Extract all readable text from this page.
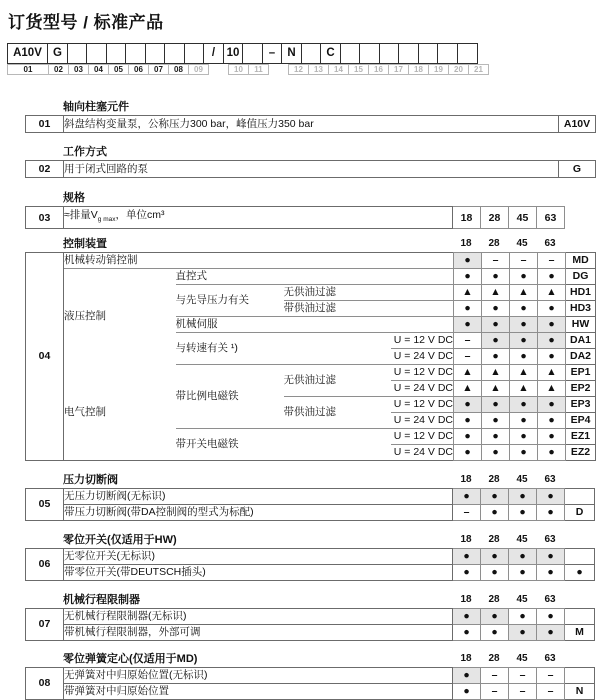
订货型号 / 标准产品
A10V G	/	10	–	N	C
01	02	03	04	05	06	07	08	09	10	11	12	13	14	15	16	17	18	19	20	21
轴向柱塞元件
01	斜盘结构变量泵，公称压力300 bar，峰值压力350 bar	A10V
工作方式
02	用于闭式回路的泵	G
规格
03	≈排量$V_{g max}$，单位cm³	18	28	45	63
控制装置	18	28	45	63
04	机械转动销控制				●	–	–	–	MD
	液压控制	直控式			●	●	●	●	DG
		与先导压力有关	无供油过滤		▲	▲	▲	▲	HD1
			带供油过滤		●	●	●	●	HD3
		机械伺服			●	●	●	●	HW
		与转速有关 ¹)		U = 12 V DC	–	●	●	●	DA1
				U = 24 V DC	–	●	●	●	DA2
	电气控制	带比例电磁铁	无供油过滤	U = 12 V DC	▲	▲	▲	▲	EP1
				U = 24 V DC	▲	▲	▲	▲	EP2
			带供油过滤	U = 12 V DC	●	●	●	●	EP3
				U = 24 V DC	●	●	●	●	EP4
		带开关电磁铁		U = 12 V DC	●	●	●	●	EZ1
				U = 24 V DC	●	●	●	●	EZ2
压力切断阀	18	28	45	63
05	无压力切断阀(无标识)	●	●	●	●	
	带压力切断阀(带DA控制阀的型式为标配)	–	●	●	●	D
零位开关(仅适用于HW)	18	28	45	63
06	无零位开关(无标识)	●	●	●	●	
	带零位开关(带DEUTSCH插头)	●	●	●	●	●
机械行程限制器	18	28	45	63
07	无机械行程限制器(无标识)	●	●	●	●	
	带机械行程限制器，外部可调	●	●	●	●	M
零位弹簧定心(仅适用于MD)	18	28	45	63
08	无弹簧对中归原始位置(无标识)	●	–	–	–	
	带弹簧对中归原始位置	●	–	–	–	N
